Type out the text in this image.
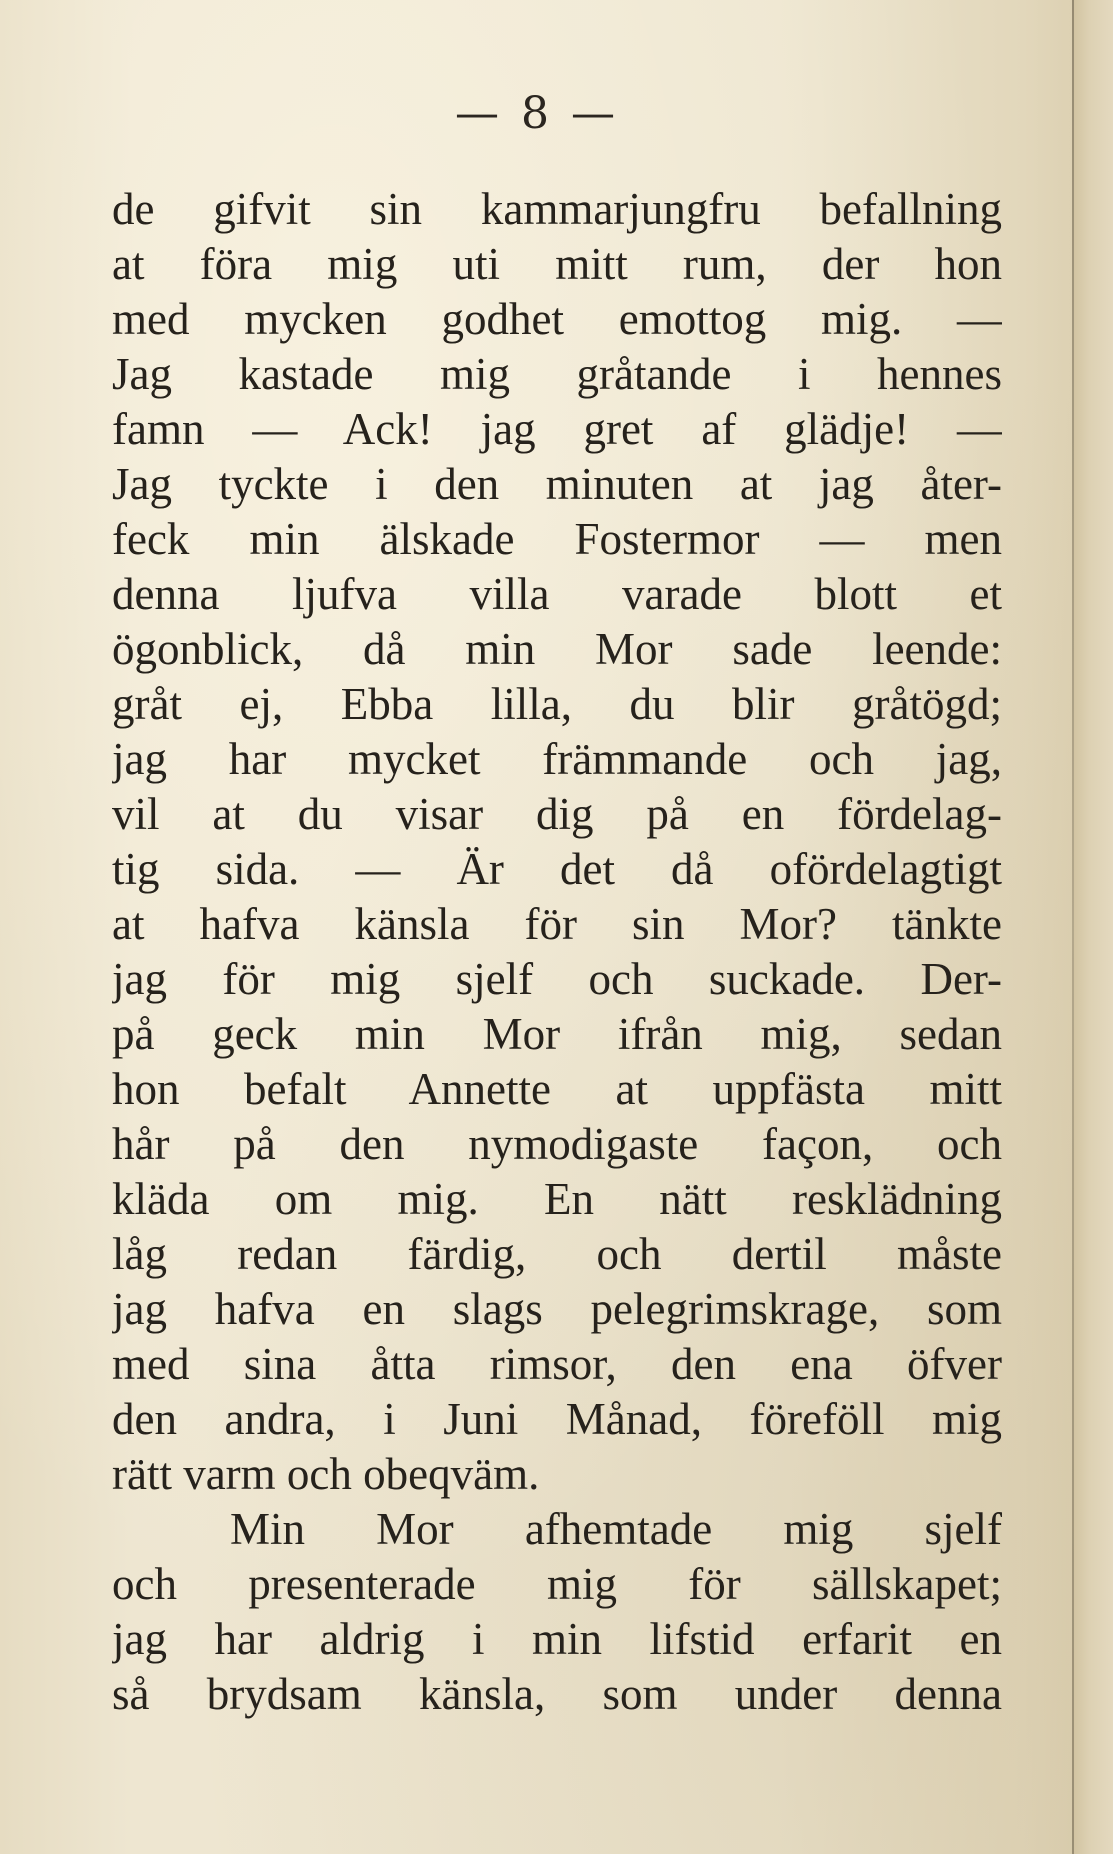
— 8 —
de gifvit sin kammarjungfru befallning
at föra mig uti mitt rum, der hon
med mycken godhet emottog mig. —
Jag kastade mig gråtande i hennes
famn — Ack! jag gret af glädje! —
Jag tyckte i den minuten at jag åter-
feck min älskade Fostermor — men
denna ljufva villa varade blott et
ögonblick, då min Mor sade leende:
gråt ej, Ebba lilla, du blir gråtögd;
jag har mycket främmande och jag,
vil at du visar dig på en fördelag-
tig sida. — Är det då ofördelagtigt
at hafva känsla för sin Mor? tänkte
jag för mig sjelf och suckade. Der-
på geck min Mor ifrån mig, sedan
hon befalt Annette at uppfästa mitt
hår på den nymodigaste façon, och
kläda om mig. En nätt resklädning
låg redan färdig, och dertil måste
jag hafva en slags pelegrimskrage, som
med sina åtta rimsor, den ena öfver
den andra, i Juni Månad, föreföll mig
rätt varm och obeqväm.
Min Mor afhemtade mig sjelf
och presenterade mig för sällskapet;
jag har aldrig i min lifstid erfarit en
så brydsam känsla, som under denna
